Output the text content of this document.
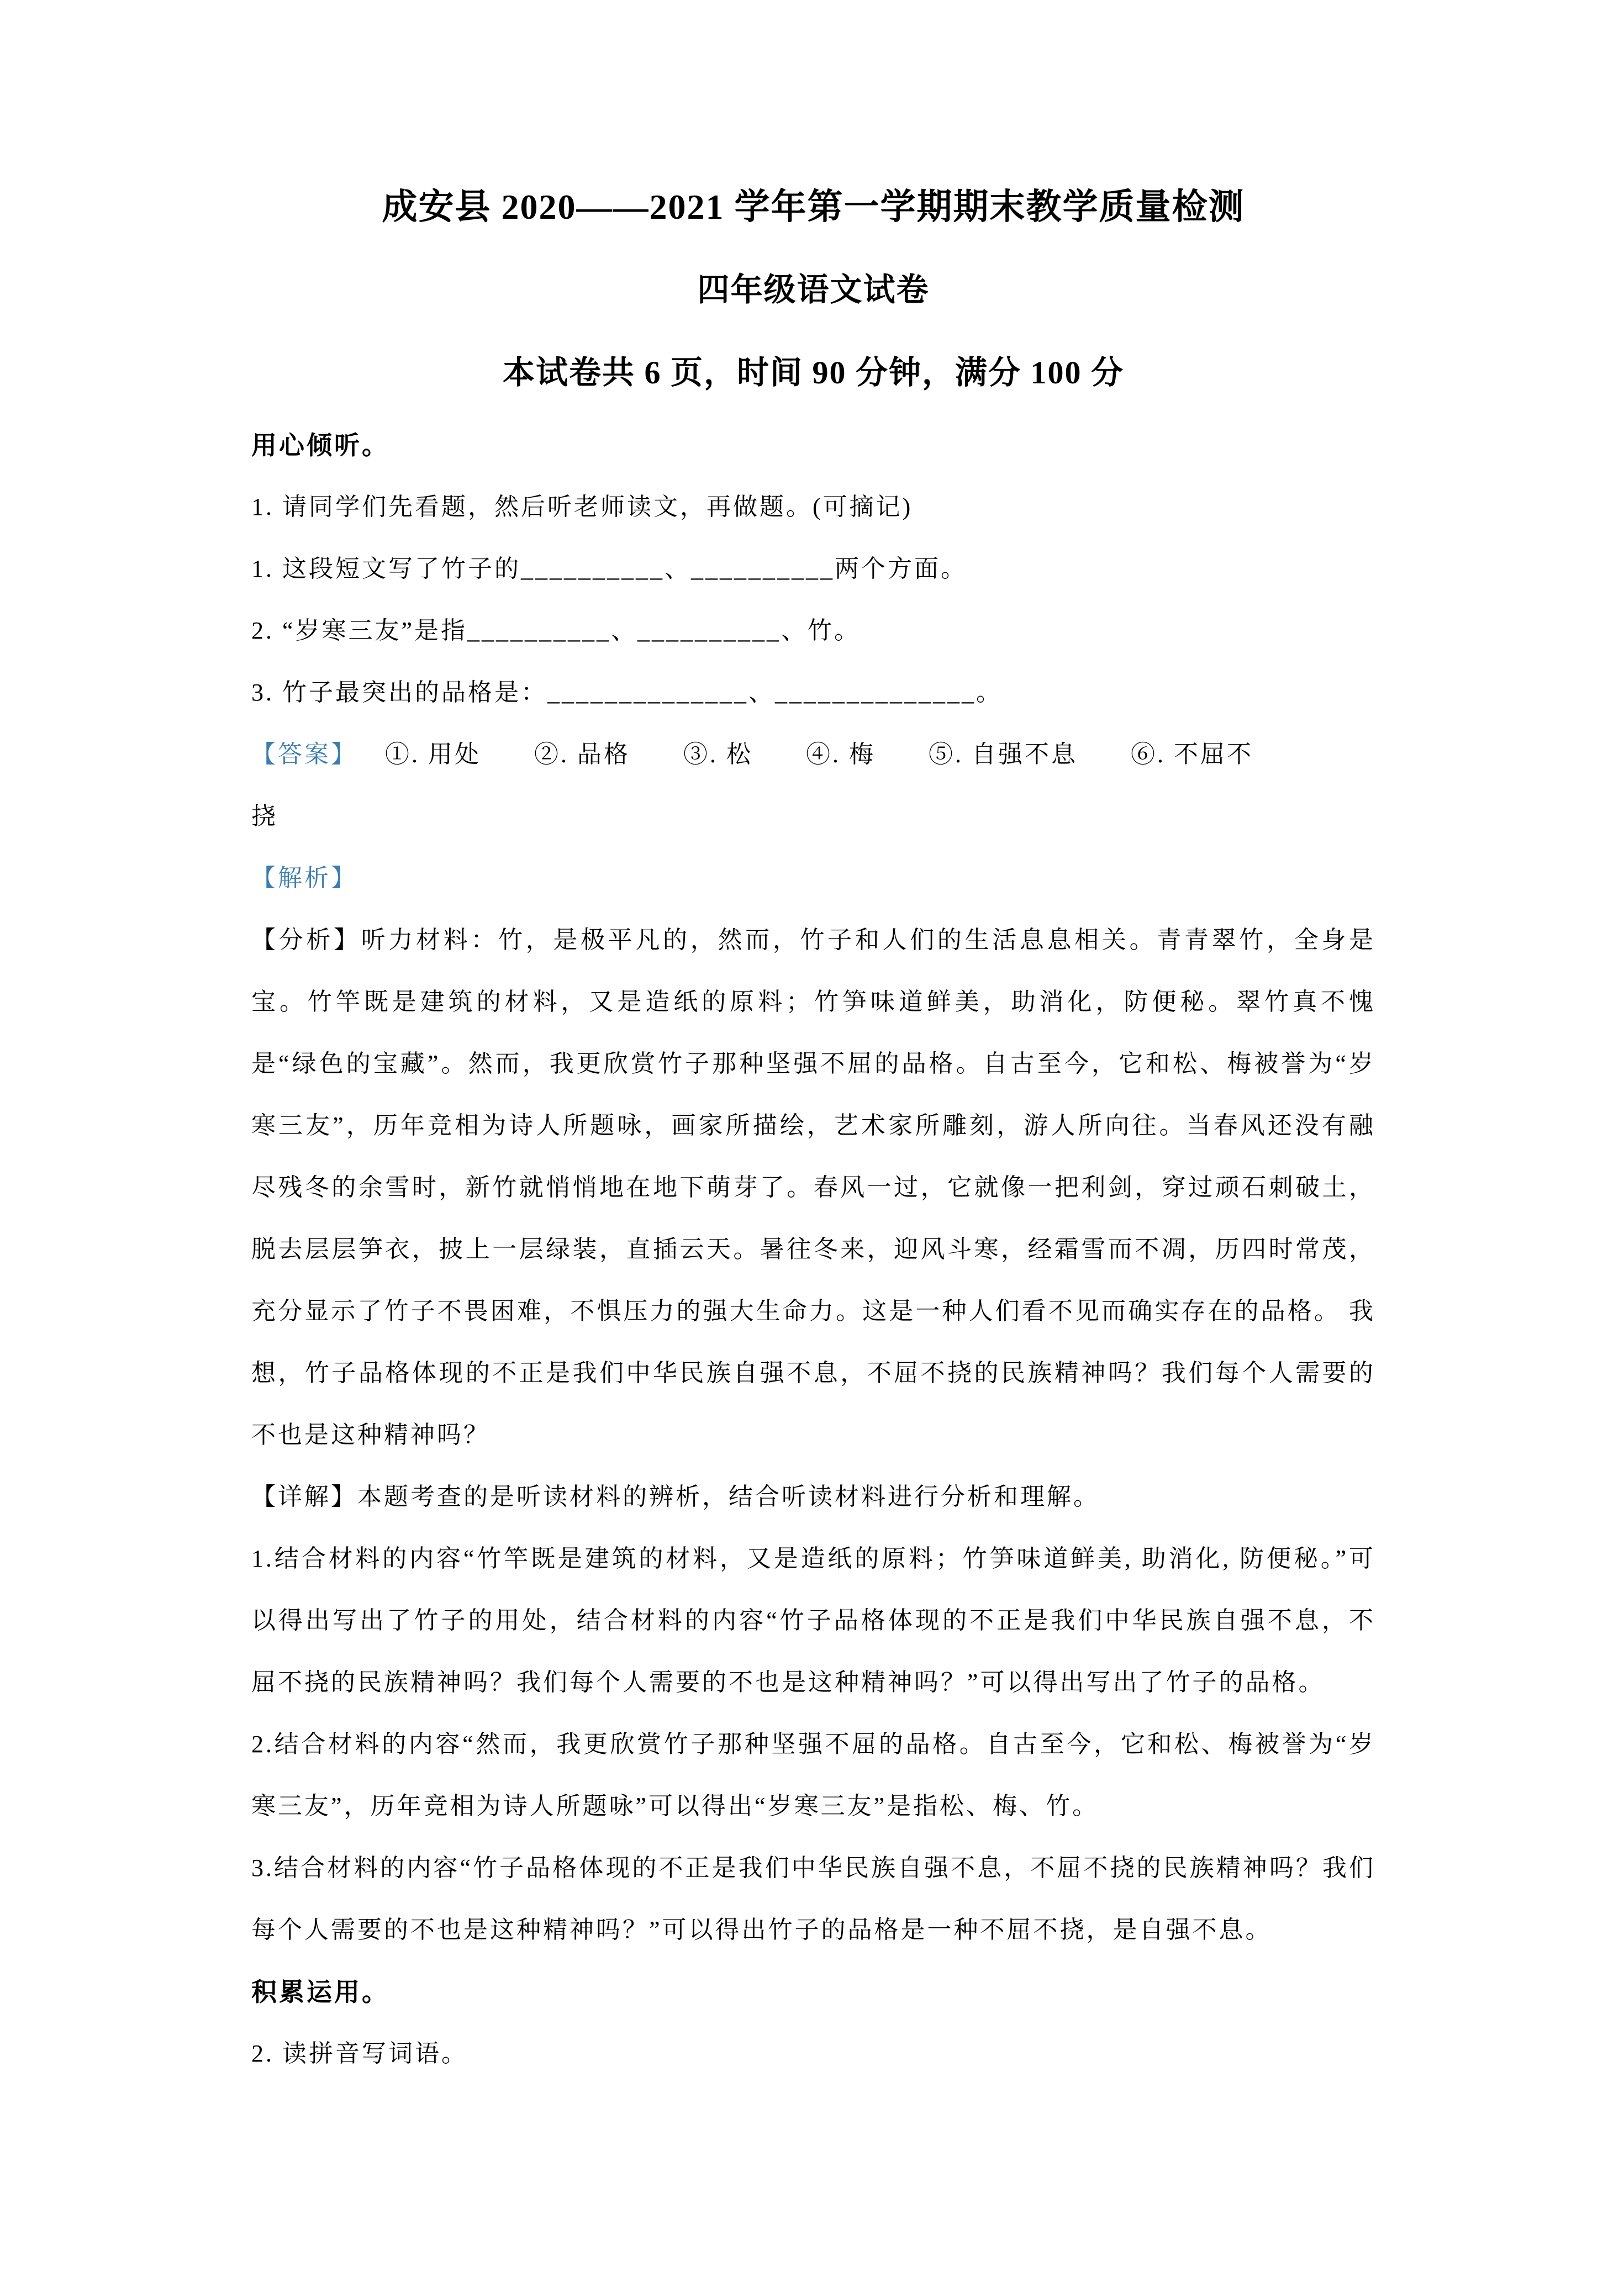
成安县 2020——2021 学年第一学期期末教学质量检测
四年级语文试卷
本试卷共 6 页，时间 90 分钟，满分 100 分

用心倾听。

1. 请同学们先看题，然后听老师读文，再做题。(可摘记)

1. 这段短文写了竹子的__________、__________两个方面。

2. “岁寒三友”是指__________、__________、竹。

3. 竹子最突出的品格是：______________、______________。

【答案】 ①. 用处　　②. 品格　　③. 松　　④. 梅　　⑤. 自强不息　　⑥. 不屈不

挠

【解析】

【分析】听力材料：竹，是极平凡的，然而，竹子和人们的生活息息相关。青青翠竹，全身是宝。竹竿既是建筑的材料，又是造纸的原料；竹笋味道鲜美，助消化，防便秘。翠竹真不愧是“绿色的宝藏”。然而，我更欣赏竹子那种坚强不屈的品格。自古至今，它和松、梅被誉为“岁寒三友”，历年竞相为诗人所题咏，画家所描绘，艺术家所雕刻，游人所向往。当春风还没有融尽残冬的余雪时，新竹就悄悄地在地下萌芽了。春风一过，它就像一把利剑，穿过顽石刺破土，脱去层层笋衣，披上一层绿装，直插云天。暑往冬来，迎风斗寒，经霜雪而不凋，历四时常茂，充分显示了竹子不畏困难，不惧压力的强大生命力。这是一种人们看不见而确实存在的品格。 我想，竹子品格体现的不正是我们中华民族自强不息，不屈不挠的民族精神吗？我们每个人需要的不也是这种精神吗？

【详解】本题考查的是听读材料的辨析，结合听读材料进行分析和理解。

1.结合材料的内容“竹竿既是建筑的材料，又是造纸的原料；竹笋味道鲜美, 助消化, 防便秘。”可以得出写出了竹子的用处，结合材料的内容“竹子品格体现的不正是我们中华民族自强不息，不屈不挠的民族精神吗？我们每个人需要的不也是这种精神吗？”可以得出写出了竹子的品格。

2.结合材料的内容“然而，我更欣赏竹子那种坚强不屈的品格。自古至今，它和松、梅被誉为“岁寒三友”，历年竞相为诗人所题咏”可以得出“岁寒三友”是指松、梅、竹。

3.结合材料的内容“竹子品格体现的不正是我们中华民族自强不息，不屈不挠的民族精神吗？我们每个人需要的不也是这种精神吗？”可以得出竹子的品格是一种不屈不挠，是自强不息。

积累运用。

2. 读拼音写词语。
